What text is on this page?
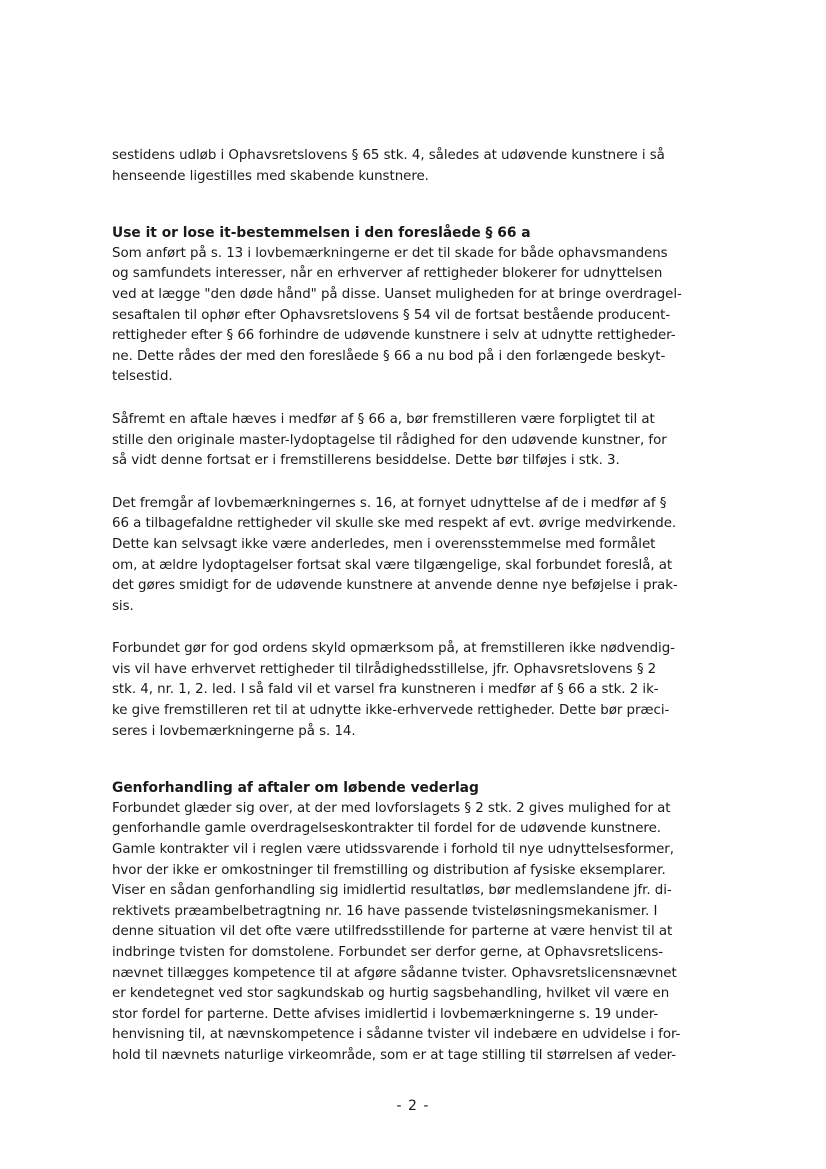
sestidens udløb i Ophavsretslovens § 65 stk. 4, således at udøvende kunstnere i så
henseende ligestilles med skabende kunstnere.
Use it or lose it-bestemmelsen i den foreslåede § 66 a
Som anført på s. 13 i lovbemærkningerne er det til skade for både ophavsmandens
og samfundets interesser, når en erhverver af rettigheder blokerer for udnyttelsen
ved at lægge "den døde hånd" på disse. Uanset muligheden for at bringe overdragel-
sesaftalen til ophør efter Ophavsretslovens § 54 vil de fortsat bestående producent-
rettigheder efter § 66 forhindre de udøvende kunstnere i selv at udnytte rettigheder-
ne. Dette rådes der med den foreslåede § 66 a nu bod på i den forlængede beskyt-
telsestid.
Såfremt en aftale hæves i medfør af § 66 a, bør fremstilleren være forpligtet til at
stille den originale master-lydoptagelse til rådighed for den udøvende kunstner, for
så vidt denne fortsat er i fremstillerens besiddelse. Dette bør tilføjes i stk. 3.
Det fremgår af lovbemærkningernes s. 16, at fornyet udnyttelse af de i medfør af §
66 a tilbagefaldne rettigheder vil skulle ske med respekt af evt. øvrige medvirkende.
Dette kan selvsagt ikke være anderledes, men i overensstemmelse med formålet
om, at ældre lydoptagelser fortsat skal være tilgængelige, skal forbundet foreslå, at
det gøres smidigt for de udøvende kunstnere at anvende denne nye beføjelse i prak-
sis.
Forbundet gør for god ordens skyld opmærksom på, at fremstilleren ikke nødvendig-
vis vil have erhvervet rettigheder til tilrådighedsstillelse, jfr. Ophavsretslovens § 2
stk. 4, nr. 1, 2. led. I så fald vil et varsel fra kunstneren i medfør af § 66 a stk. 2 ik-
ke give fremstilleren ret til at udnytte ikke-erhvervede rettigheder. Dette bør præci-
seres i lovbemærkningerne på s. 14.
Genforhandling af aftaler om løbende vederlag
Forbundet glæder sig over, at der med lovforslagets § 2 stk. 2 gives mulighed for at
genforhandle gamle overdragelseskontrakter til fordel for de udøvende kunstnere.
Gamle kontrakter vil i reglen være utidssvarende i forhold til nye udnyttelsesformer,
hvor der ikke er omkostninger til fremstilling og distribution af fysiske eksemplarer.
Viser en sådan genforhandling sig imidlertid resultatløs, bør medlemslandene jfr. di-
rektivets præambelbetragtning nr. 16 have passende tvisteløsningsmekanismer. I
denne situation vil det ofte være utilfredsstillende for parterne at være henvist til at
indbringe tvisten for domstolene. Forbundet ser derfor gerne, at Ophavsretslicens-
nævnet tillægges kompetence til at afgøre sådanne tvister. Ophavsretslicensnævnet
er kendetegnet ved stor sagkundskab og hurtig sagsbehandling, hvilket vil være en
stor fordel for parterne. Dette afvises imidlertid i lovbemærkningerne s. 19 under-
henvisning til, at nævnskompetence i sådanne tvister vil indebære en udvidelse i for-
hold til nævnets naturlige virkeområde, som er at tage stilling til størrelsen af veder-
- 2 -
